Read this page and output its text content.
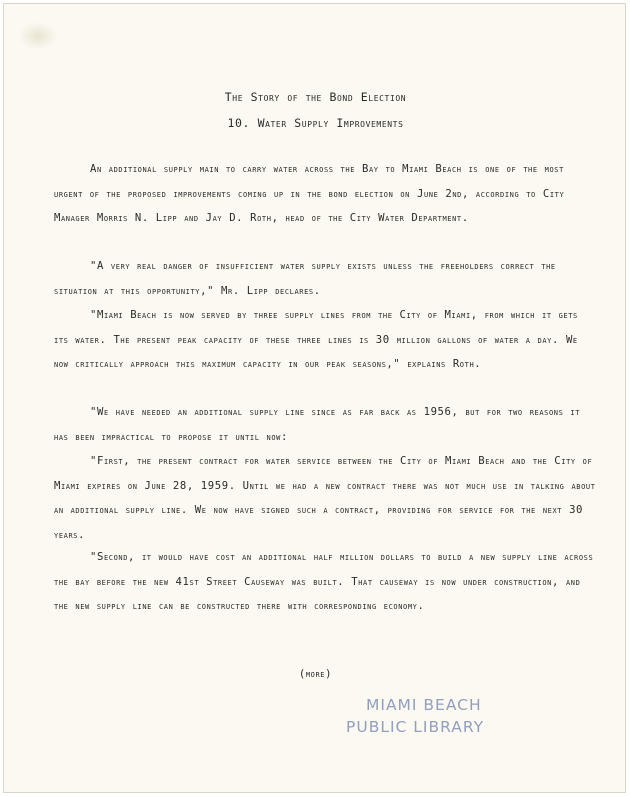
The Story of the Bond Election
10. Water Supply Improvements
An additional supply main to carry water across the Bay to Miami Beach is one of the most urgent of the proposed improvements coming up in the bond election on June 2nd, according to City Manager Morris N. Lipp and Jay D. Roth, head of the City Water Department.
"A very real danger of insufficient water supply exists unless the freeholders correct the situation at this opportunity," Mr. Lipp declares.
"Miami Beach is now served by three supply lines from the City of Miami, from which it gets its water. The present peak capacity of these three lines is 30 million gallons of water a day. We now critically approach this maximum capacity in our peak seasons," explains Roth.
"We have needed an additional supply line since as far back as 1956, but for two reasons it has been impractical to propose it until now:
"First, the present contract for water service between the City of Miami Beach and the City of Miami expires on June 28, 1959. Until we had a new contract there was not much use in talking about an additional supply line. We now have signed such a contract, providing for service for the next 30 years.
"Second, it would have cost an additional half million dollars to build a new supply line across the bay before the new 41st Street Causeway was built. That causeway is now under construction, and the new supply line can be constructed there with corresponding economy.
(more)
MIAMI BEACH
PUBLIC LIBRARY
